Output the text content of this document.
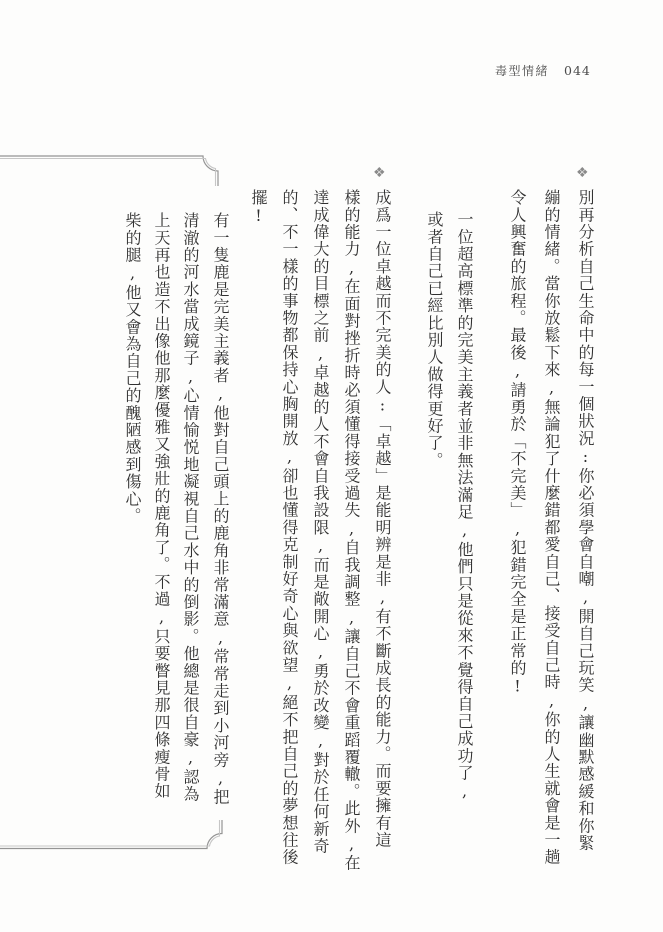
毒型情緒 044
❖
別再分析自己生命中的每一個狀況:你必須學會自嘲,開自己玩笑,讓幽默感緩和你緊
繃的情緒。當你放鬆下來,無論犯了什麼錯都愛自己、接受自己時,你的人生就會是一趟
令人興奮的旅程。最後,請勇於「不完美」,犯錯完全是正常的!
一位超高標準的完美主義者並非無法滿足,他們只是從來不覺得自己成功了,
或者自己已經比別人做得更好了。
❖
成爲一位卓越而不完美的人:「卓越」是能明辨是非,有不斷成長的能力。而要擁有這
樣的能力,在面對挫折時必須懂得接受過失,自我調整,讓自己不會重蹈覆轍。此外,在
達成偉大的目標之前,卓越的人不會自我設限,而是敞開心,勇於改變,對於任何新奇
的、不一樣的事物都保持心胸開放,卻也懂得克制好奇心與欲望,絕不把自己的夢想往後
擺!
有一隻鹿是完美主義者,他對自己頭上的鹿角非常滿意,常常走到小河旁,把
清澈的河水當成鏡子,心情愉悦地凝視自己水中的倒影。他總是很自豪,認為
上天再也造不出像他那麼優雅又強壯的鹿角了。不過,只要瞥見那四條瘦骨如
柴的腿,他又會為自己的醜陋感到傷心。
